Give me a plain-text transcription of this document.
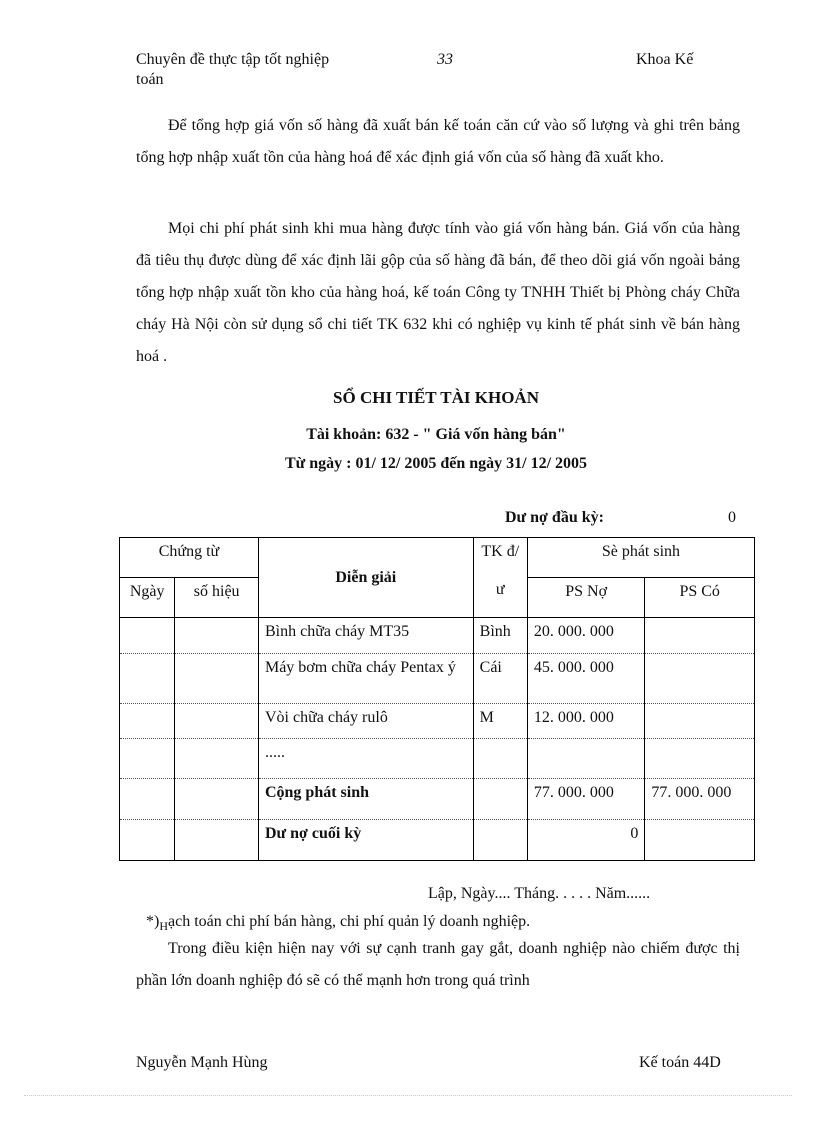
Chuyên đề thực tập tốt nghiệp
toán
33	Khoa Kế

Để tổng hợp giá vốn số hàng đã xuất bán kế toán căn cứ vào số lượng và ghi trên bảng tổng hợp nhập xuất tồn của hàng hoá để xác định giá vốn của số hàng đã xuất kho.

Mọi chi phí phát sinh khi mua hàng được tính vào giá vốn hàng bán. Giá vốn của hàng đã tiêu thụ được dùng để xác định lãi gộp của số hàng đã bán, để theo dõi giá vốn ngoài bảng tổng hợp nhập xuất tồn kho của hàng hoá, kế toán Công ty TNHH Thiết bị Phòng cháy Chữa cháy Hà Nội còn sử dụng sổ chi tiết TK 632 khi có nghiệp vụ kinh tế phát sinh về bán hàng hoá .

SỔ CHI TIẾT TÀI KHOẢN
Tài khoản: 632 - " Giá vốn hàng bán"
Từ ngày : 01/ 12/ 2005 đến ngày 31/ 12/ 2005
Dư nợ đầu kỳ:	0
Chứng từ		Diễn giải	TK đ/
ư	Sè phát sinh	
Ngày	số hiệu			PS Nợ	PS Có
		Bình chữa cháy MT35	Bình	20. 000. 000	
		Máy bơm chữa cháy Pentax ý	Cái	45. 000. 000	
		Vòi chữa cháy rulô	M	12. 000. 000	
		.....			
		Cộng phát sinh		77. 000. 000	77. 000. 000
		Dư nợ cuối kỳ		0	
Lập, Ngày.... Tháng. . . . . Năm......
$*)_Hạch$ toán chi phí bán hàng, chi phí quản lý doanh nghiệp.

Trong điều kiện hiện nay với sự cạnh tranh gay gắt, doanh nghiệp nào chiếm được thị phần lớn doanh nghiệp đó sẽ có thể mạnh hơn trong quá trình

Nguyễn Mạnh Hùng	Kế toán 44D
